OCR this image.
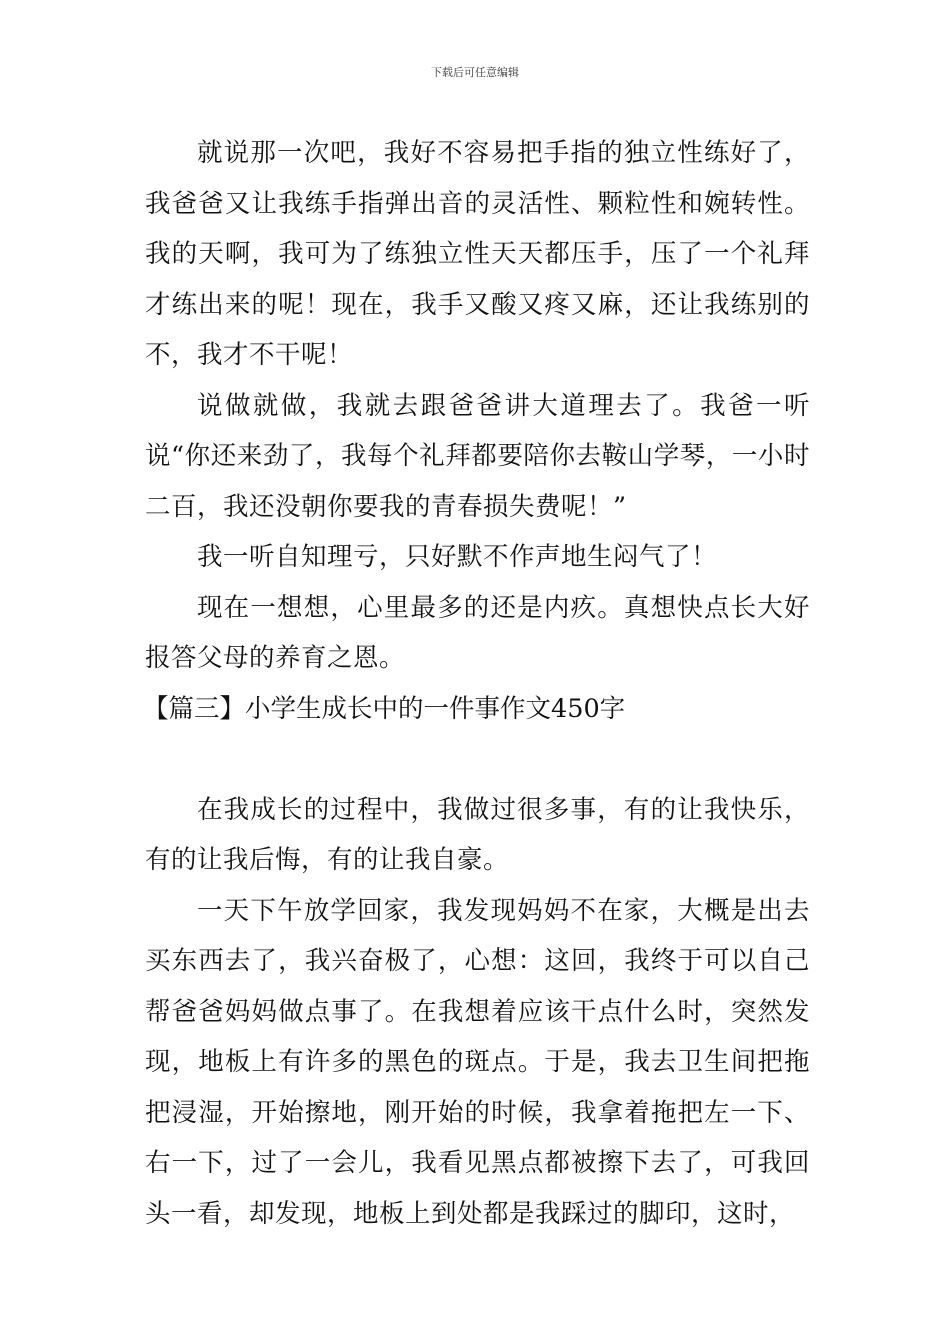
下载后可任意编辑

就说那一次吧，我好不容易把手指的独立性练好了，我爸爸又让我练手指弹出音的灵活性、颗粒性和婉转性。我的天啊，我可为了练独立性天天都压手，压了一个礼拜才练出来的呢！现在，我手又酸又疼又麻，还让我练别的不，我才不干呢！

说做就做，我就去跟爸爸讲大道理去了。我爸一听说“你还来劲了，我每个礼拜都要陪你去鞍山学琴，一小时二百，我还没朝你要我的青春损失费呢！”

我一听自知理亏，只好默不作声地生闷气了！

现在一想想，心里最多的还是内疚。真想快点长大好报答父母的养育之恩。

【篇三】小学生成长中的一件事作文450字

在我成长的过程中，我做过很多事，有的让我快乐，有的让我后悔，有的让我自豪。

一天下午放学回家，我发现妈妈不在家，大概是出去买东西去了，我兴奋极了，心想：这回，我终于可以自己帮爸爸妈妈做点事了。在我想着应该干点什么时，突然发现，地板上有许多的黑色的斑点。于是，我去卫生间把拖把浸湿，开始擦地，刚开始的时候，我拿着拖把左一下、右一下，过了一会儿，我看见黑点都被擦下去了，可我回头一看，却发现，地板上到处都是我踩过的脚印，这时，
